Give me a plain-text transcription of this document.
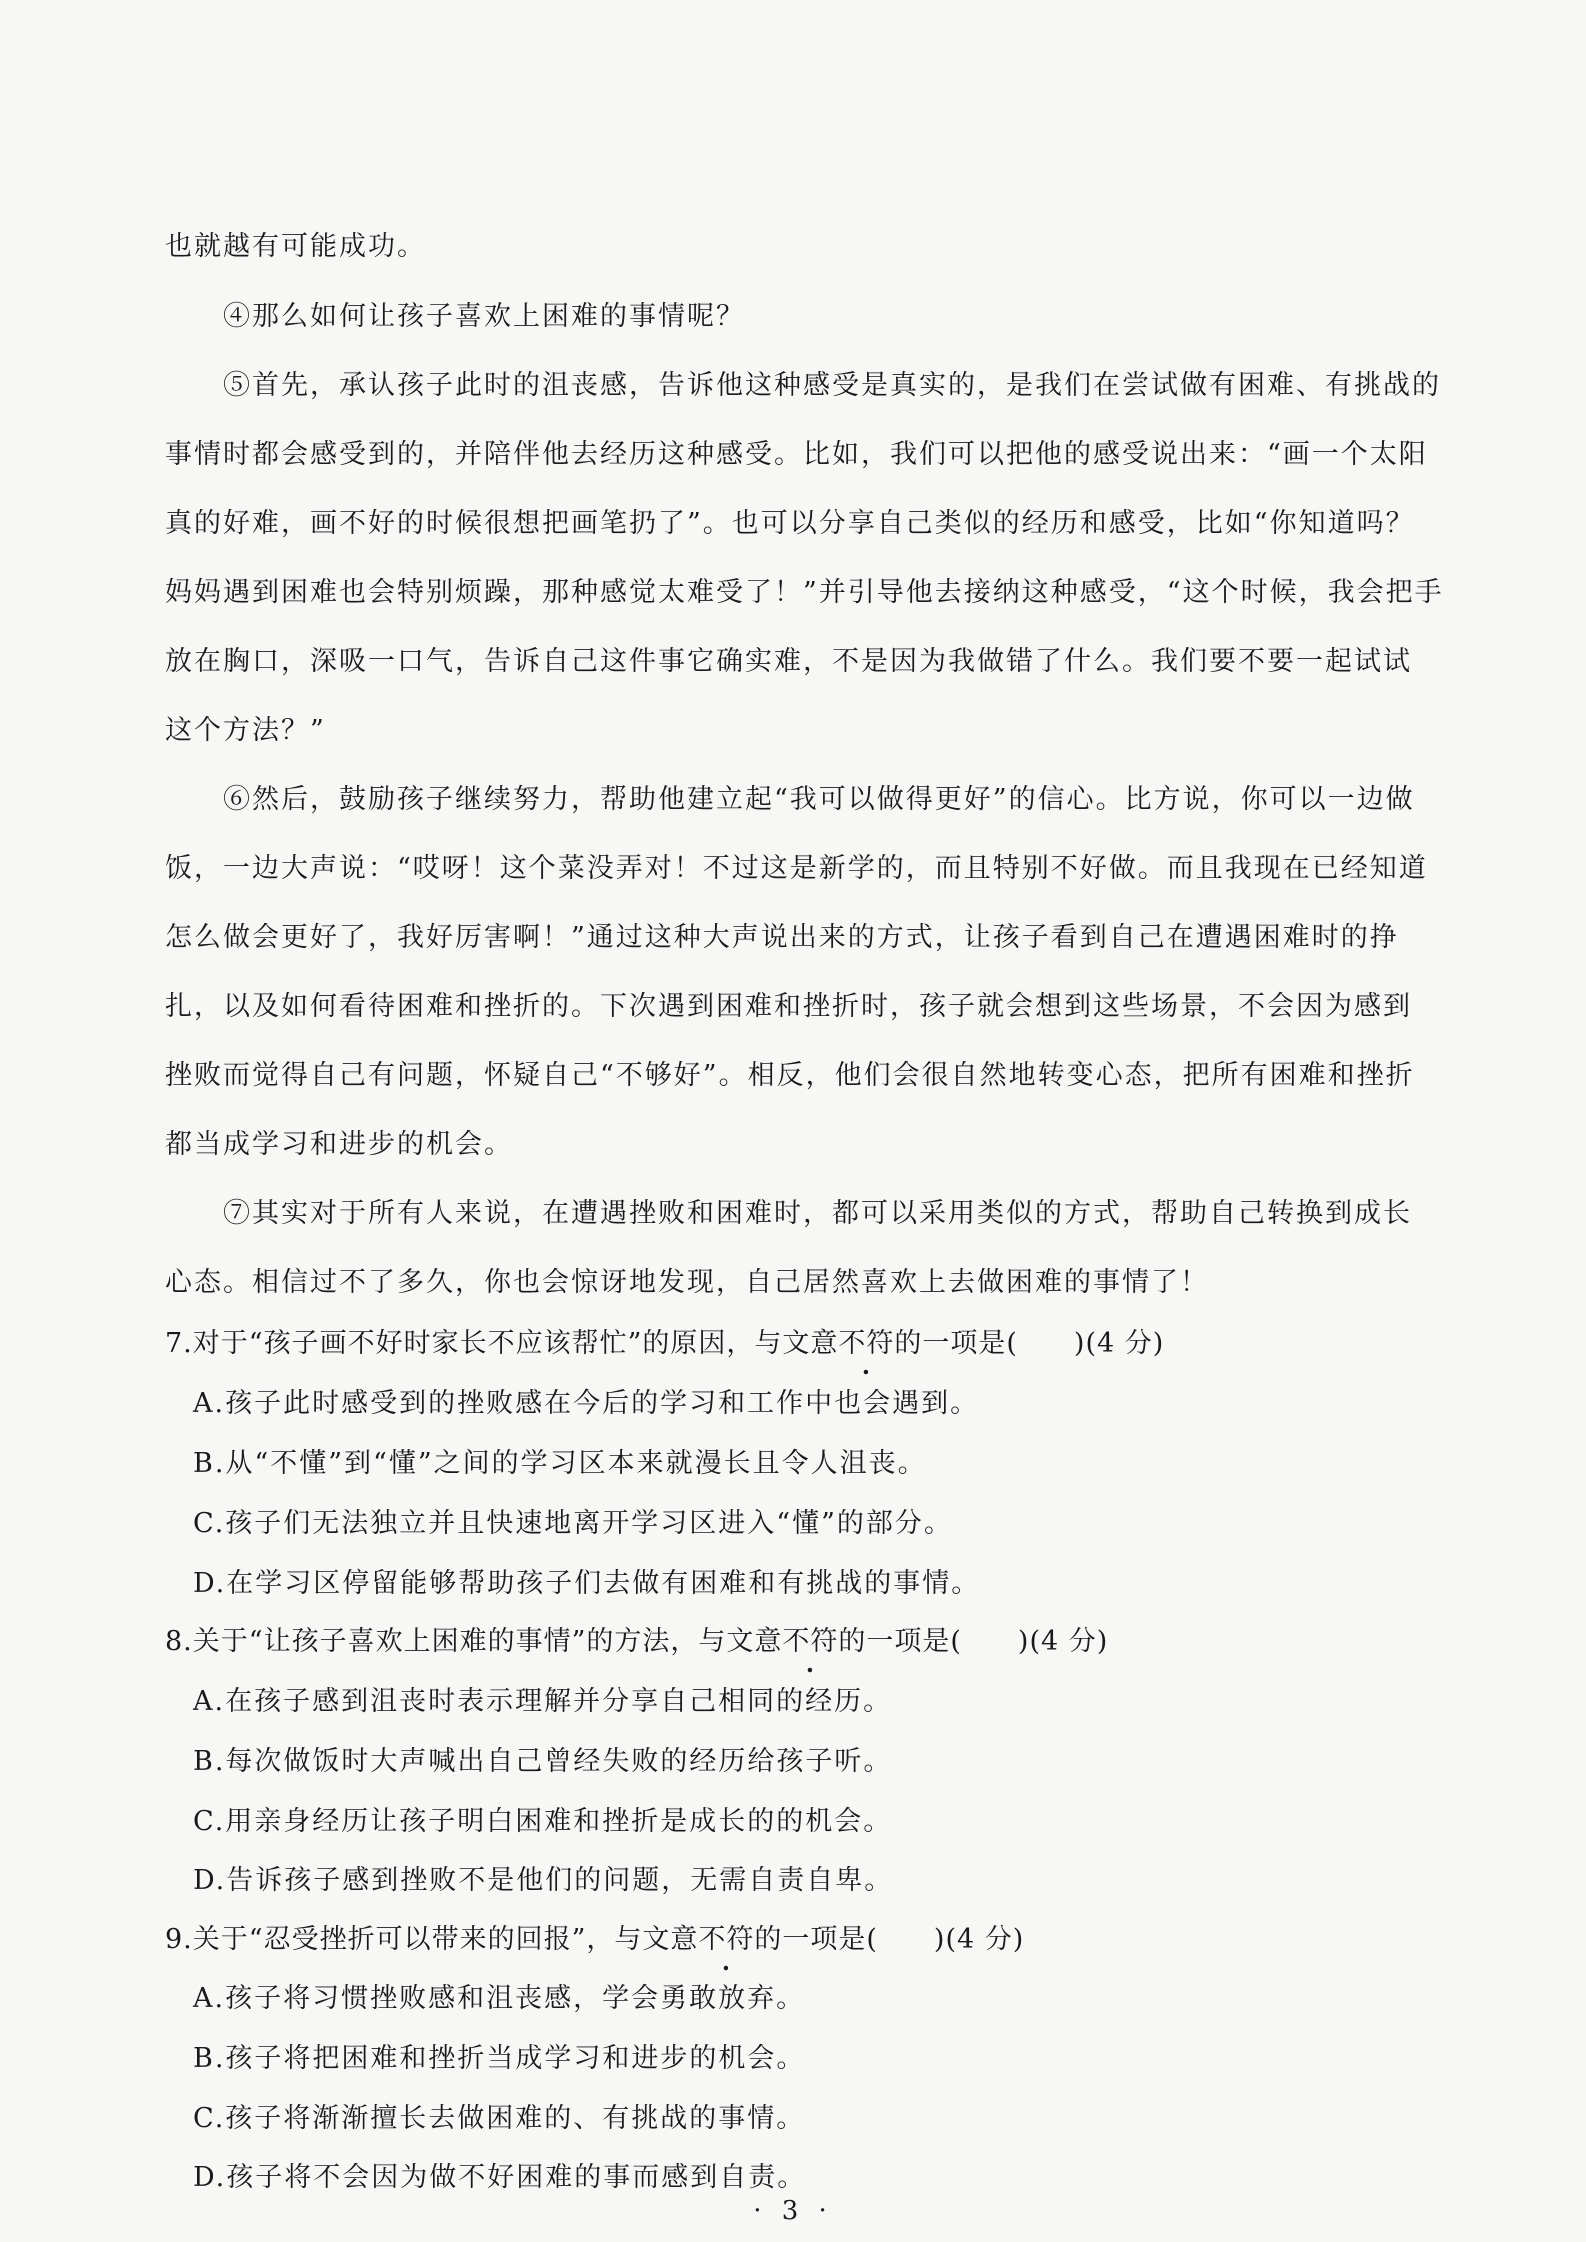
也就越有可能成功。
④那么如何让孩子喜欢上困难的事情呢？
⑤首先，承认孩子此时的沮丧感，告诉他这种感受是真实的，是我们在尝试做有困难、有挑战的
事情时都会感受到的，并陪伴他去经历这种感受。比如，我们可以把他的感受说出来：“画一个太阳
真的好难，画不好的时候很想把画笔扔了”。也可以分享自己类似的经历和感受，比如“你知道吗？
妈妈遇到困难也会特别烦躁，那种感觉太难受了！”并引导他去接纳这种感受，“这个时候，我会把手
放在胸口，深吸一口气，告诉自己这件事它确实难，不是因为我做错了什么。我们要不要一起试试
这个方法？”
⑥然后，鼓励孩子继续努力，帮助他建立起“我可以做得更好”的信心。比方说，你可以一边做
饭，一边大声说：“哎呀！这个菜没弄对！不过这是新学的，而且特别不好做。而且我现在已经知道
怎么做会更好了，我好厉害啊！”通过这种大声说出来的方式，让孩子看到自己在遭遇困难时的挣
扎，以及如何看待困难和挫折的。下次遇到困难和挫折时，孩子就会想到这些场景，不会因为感到
挫败而觉得自己有问题，怀疑自己“不够好”。相反，他们会很自然地转变心态，把所有困难和挫折
都当成学习和进步的机会。
⑦其实对于所有人来说，在遭遇挫败和困难时，都可以采用类似的方式，帮助自己转换到成长
心态。相信过不了多久，你也会惊讶地发现，自己居然喜欢上去做困难的事情了！
7.对于“孩子画不好时家长不应该帮忙”的原因，与文意不符的一项是(　　)(4 分)
A.孩子此时感受到的挫败感在今后的学习和工作中也会遇到。
B.从“不懂”到“懂”之间的学习区本来就漫长且令人沮丧。
C.孩子们无法独立并且快速地离开学习区进入“懂”的部分。
D.在学习区停留能够帮助孩子们去做有困难和有挑战的事情。
8.关于“让孩子喜欢上困难的事情”的方法，与文意不符的一项是(　　)(4 分)
A.在孩子感到沮丧时表示理解并分享自己相同的经历。
B.每次做饭时大声喊出自己曾经失败的经历给孩子听。
C.用亲身经历让孩子明白困难和挫折是成长的的机会。
D.告诉孩子感到挫败不是他们的问题，无需自责自卑。
9.关于“忍受挫折可以带来的回报”，与文意不符的一项是(　　)(4 分)
A.孩子将习惯挫败感和沮丧感，学会勇敢放弃。
B.孩子将把困难和挫折当成学习和进步的机会。
C.孩子将渐渐擅长去做困难的、有挑战的事情。
D.孩子将不会因为做不好困难的事而感到自责。
· 3 ·
